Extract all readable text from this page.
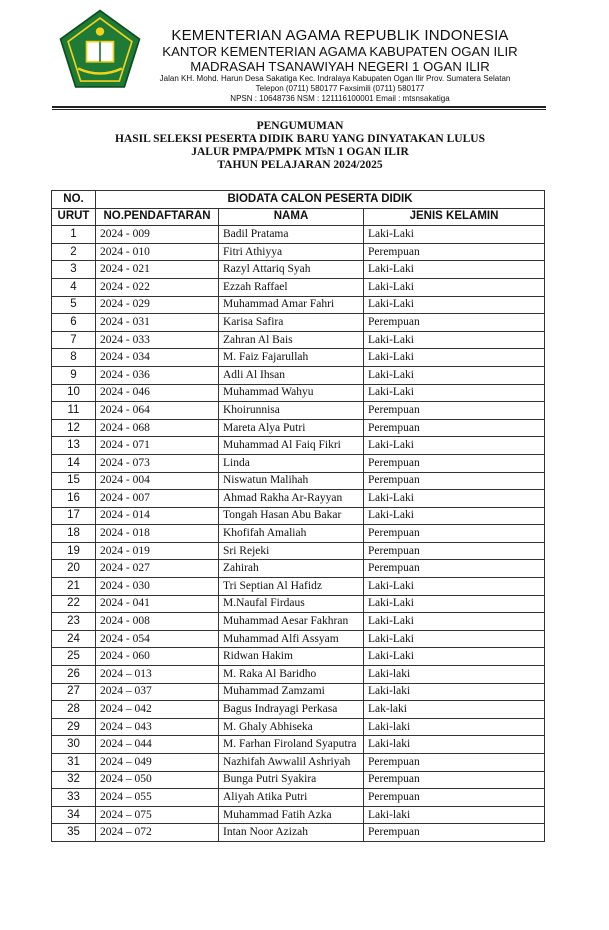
KEMENTERIAN AGAMA REPUBLIK INDONESIA
KANTOR KEMENTERIAN AGAMA KABUPATEN OGAN ILIR
MADRASAH TSANAWIYAH NEGERI 1 OGAN ILIR
Jalan KH. Mohd. Harun Desa Sakatiga Kec. Indralaya Kabupaten Ogan Ilir Prov. Sumatera Selatan
Telepon (0711) 580177 Faxsimili (0711) 580177
NPSN : 10648736 NSM : 121116100001 Email : mtsnsakatiga
PENGUMUMAN
HASIL SELEKSI PESERTA DIDIK BARU YANG DINYATAKAN LULUS
JALUR PMPA/PMPK MTsN 1 OGAN ILIR
TAHUN PELAJARAN 2024/2025
NO.	BIODATA CALON PESERTA DIDIK		
URUT	NO.PENDAFTARAN	NAMA	JENIS KELAMIN
1	2024 - 009	Badil Pratama	Laki-Laki
2	2024 - 010	Fitri Athiyya	Perempuan
3	2024 - 021	Razyl Attariq Syah	Laki-Laki
4	2024 - 022	Ezzah Raffael	Laki-Laki
5	2024 - 029	Muhammad Amar Fahri	Laki-Laki
6	2024 - 031	Karisa Safira	Perempuan
7	2024 - 033	Zahran Al Bais	Laki-Laki
8	2024 - 034	M. Faiz Fajarullah	Laki-Laki
9	2024 - 036	Adli Al Ihsan	Laki-Laki
10	2024 - 046	Muhammad Wahyu	Laki-Laki
11	2024 - 064	Khoirunnisa	Perempuan
12	2024 - 068	Mareta Alya Putri	Perempuan
13	2024 - 071	Muhammad Al Faiq Fikri	Laki-Laki
14	2024 - 073	Linda	Perempuan
15	2024 - 004	Niswatun Malihah	Perempuan
16	2024 - 007	Ahmad Rakha Ar-Rayyan	Laki-Laki
17	2024 - 014	Tongah Hasan Abu Bakar	Laki-Laki
18	2024 - 018	Khofifah Amaliah	Perempuan
19	2024 - 019	Sri Rejeki	Perempuan
20	2024 - 027	Zahirah	Perempuan
21	2024 - 030	Tri Septian Al Hafidz	Laki-Laki
22	2024 - 041	M.Naufal Firdaus	Laki-Laki
23	2024 - 008	Muhammad Aesar Fakhran	Laki-Laki
24	2024 - 054	Muhammad Alfi Assyam	Laki-Laki
25	2024 - 060	Ridwan Hakim	Laki-Laki
26	2024 – 013	M. Raka Al Baridho	Laki-laki
27	2024 – 037	Muhammad Zamzami	Laki-laki
28	2024 – 042	Bagus Indrayagi Perkasa	Lak-laki
29	2024 – 043	M. Ghaly Abhiseka	Laki-laki
30	2024 – 044	M. Farhan Firoland Syaputra	Laki-laki
31	2024 – 049	Nazhifah Awwalil Ashriyah	Perempuan
32	2024 – 050	Bunga Putri Syakira	Perempuan
33	2024 – 055	Aliyah Atika Putri	Perempuan
34	2024 – 075	Muhammad Fatih Azka	Laki-laki
35	2024 – 072	Intan Noor Azizah	Perempuan
